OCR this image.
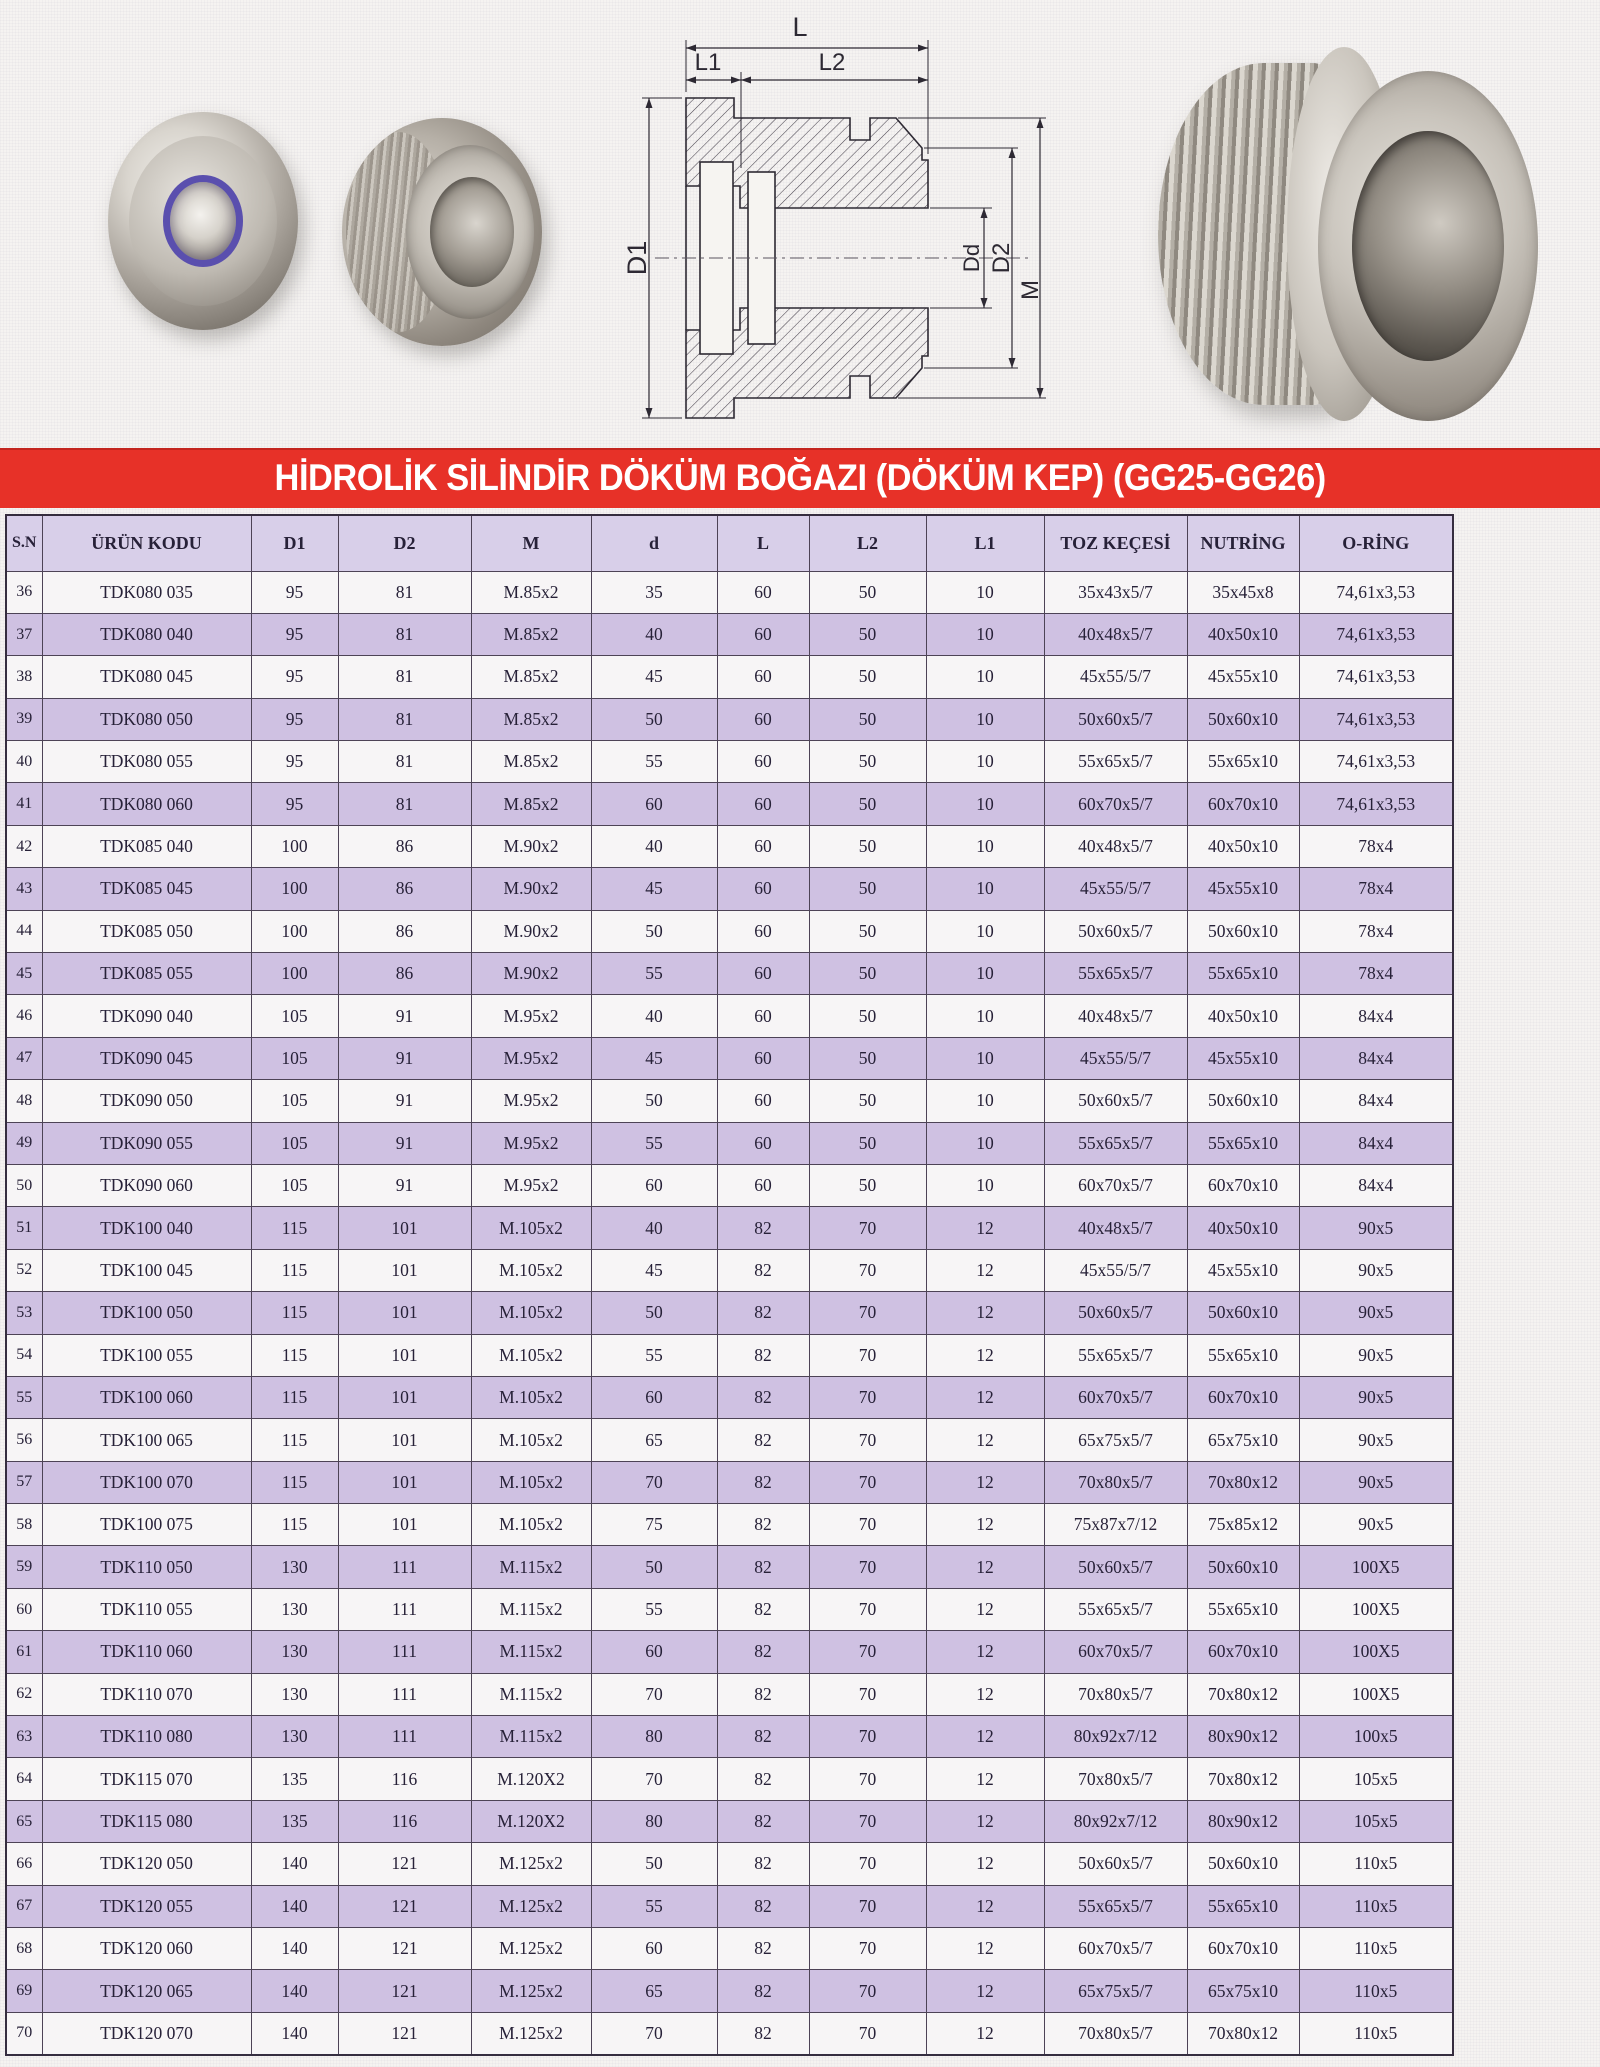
L
L1	L2
D1	Dd D2
M
HİDROLİK SİLİNDİR DÖKÜM BOĞAZI (DÖKÜM KEP) (GG25-GG26)
S.N	ÜRÜN KODU	D1	D2	M	d	L	L2	L1	TOZ KEÇESİ	NUTRİNG	O-RİNG
36	TDK080 035	95	81	M.85x2	35	60	50	10	35x43x5/7	35x45x8	74,61x3,53
37	TDK080 040	95	81	M.85x2	40	60	50	10	40x48x5/7	40x50x10	74,61x3,53
38	TDK080 045	95	81	M.85x2	45	60	50	10	45x55/5/7	45x55x10	74,61x3,53
39	TDK080 050	95	81	M.85x2	50	60	50	10	50x60x5/7	50x60x10	74,61x3,53
40	TDK080 055	95	81	M.85x2	55	60	50	10	55x65x5/7	55x65x10	74,61x3,53
41	TDK080 060	95	81	M.85x2	60	60	50	10	60x70x5/7	60x70x10	74,61x3,53
42	TDK085 040	100	86	M.90x2	40	60	50	10	40x48x5/7	40x50x10	78x4
43	TDK085 045	100	86	M.90x2	45	60	50	10	45x55/5/7	45x55x10	78x4
44	TDK085 050	100	86	M.90x2	50	60	50	10	50x60x5/7	50x60x10	78x4
45	TDK085 055	100	86	M.90x2	55	60	50	10	55x65x5/7	55x65x10	78x4
46	TDK090 040	105	91	M.95x2	40	60	50	10	40x48x5/7	40x50x10	84x4
47	TDK090 045	105	91	M.95x2	45	60	50	10	45x55/5/7	45x55x10	84x4
48	TDK090 050	105	91	M.95x2	50	60	50	10	50x60x5/7	50x60x10	84x4
49	TDK090 055	105	91	M.95x2	55	60	50	10	55x65x5/7	55x65x10	84x4
50	TDK090 060	105	91	M.95x2	60	60	50	10	60x70x5/7	60x70x10	84x4
51	TDK100 040	115	101	M.105x2	40	82	70	12	40x48x5/7	40x50x10	90x5
52	TDK100 045	115	101	M.105x2	45	82	70	12	45x55/5/7	45x55x10	90x5
53	TDK100 050	115	101	M.105x2	50	82	70	12	50x60x5/7	50x60x10	90x5
54	TDK100 055	115	101	M.105x2	55	82	70	12	55x65x5/7	55x65x10	90x5
55	TDK100 060	115	101	M.105x2	60	82	70	12	60x70x5/7	60x70x10	90x5
56	TDK100 065	115	101	M.105x2	65	82	70	12	65x75x5/7	65x75x10	90x5
57	TDK100 070	115	101	M.105x2	70	82	70	12	70x80x5/7	70x80x12	90x5
58	TDK100 075	115	101	M.105x2	75	82	70	12	75x87x7/12	75x85x12	90x5
59	TDK110 050	130	111	M.115x2	50	82	70	12	50x60x5/7	50x60x10	100X5
60	TDK110 055	130	111	M.115x2	55	82	70	12	55x65x5/7	55x65x10	100X5
61	TDK110 060	130	111	M.115x2	60	82	70	12	60x70x5/7	60x70x10	100X5
62	TDK110 070	130	111	M.115x2	70	82	70	12	70x80x5/7	70x80x12	100X5
63	TDK110 080	130	111	M.115x2	80	82	70	12	80x92x7/12	80x90x12	100x5
64	TDK115 070	135	116	M.120X2	70	82	70	12	70x80x5/7	70x80x12	105x5
65	TDK115 080	135	116	M.120X2	80	82	70	12	80x92x7/12	80x90x12	105x5
66	TDK120 050	140	121	M.125x2	50	82	70	12	50x60x5/7	50x60x10	110x5
67	TDK120 055	140	121	M.125x2	55	82	70	12	55x65x5/7	55x65x10	110x5
68	TDK120 060	140	121	M.125x2	60	82	70	12	60x70x5/7	60x70x10	110x5
69	TDK120 065	140	121	M.125x2	65	82	70	12	65x75x5/7	65x75x10	110x5
70	TDK120 070	140	121	M.125x2	70	82	70	12	70x80x5/7	70x80x12	110x5
